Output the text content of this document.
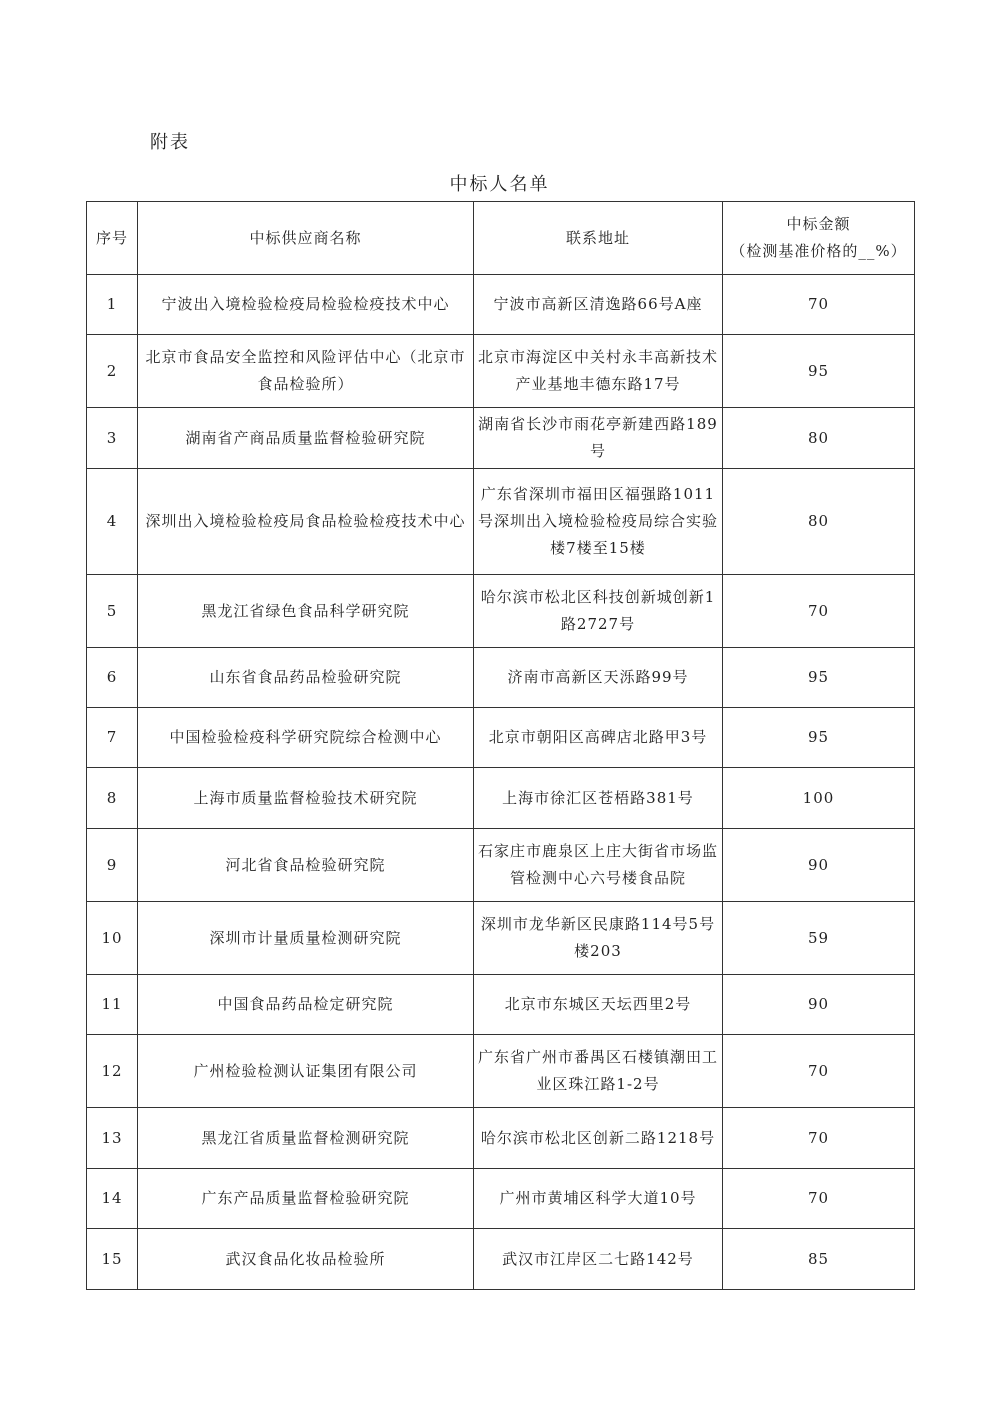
附表
中标人名单
序号	中标供应商名称	联系地址	中标金额
（检测基准价格的__%）

1	宁波出入境检验检疫局检验检疫技术中心	宁波市高新区清逸路66号A座	70
2	北京市食品安全监控和风险评估中心（北京市食品检验所）	北京市海淀区中关村永丰高新技术产业基地丰德东路17号	95
3	湖南省产商品质量监督检验研究院	湖南省长沙市雨花亭新建西路189号	80
4	深圳出入境检验检疫局食品检验检疫技术中心	广东省深圳市福田区福强路1011号深圳出入境检验检疫局综合实验楼7楼至15楼	80
5	黑龙江省绿色食品科学研究院	哈尔滨市松北区科技创新城创新1路2727号	70
6	山东省食品药品检验研究院	济南市高新区天泺路99号	95
7	中国检验检疫科学研究院综合检测中心	北京市朝阳区高碑店北路甲3号	95
8	上海市质量监督检验技术研究院	上海市徐汇区苍梧路381号	100
9	河北省食品检验研究院	石家庄市鹿泉区上庄大街省市场监管检测中心六号楼食品院	90
10	深圳市计量质量检测研究院	深圳市龙华新区民康路114号5号楼203	59
11	中国食品药品检定研究院	北京市东城区天坛西里2号	90
12	广州检验检测认证集团有限公司	广东省广州市番禺区石楼镇潮田工业区珠江路1-2号	70
13	黑龙江省质量监督检测研究院	哈尔滨市松北区创新二路1218号	70
14	广东产品质量监督检验研究院	广州市黄埔区科学大道10号	70
15	武汉食品化妆品检验所	武汉市江岸区二七路142号	85
